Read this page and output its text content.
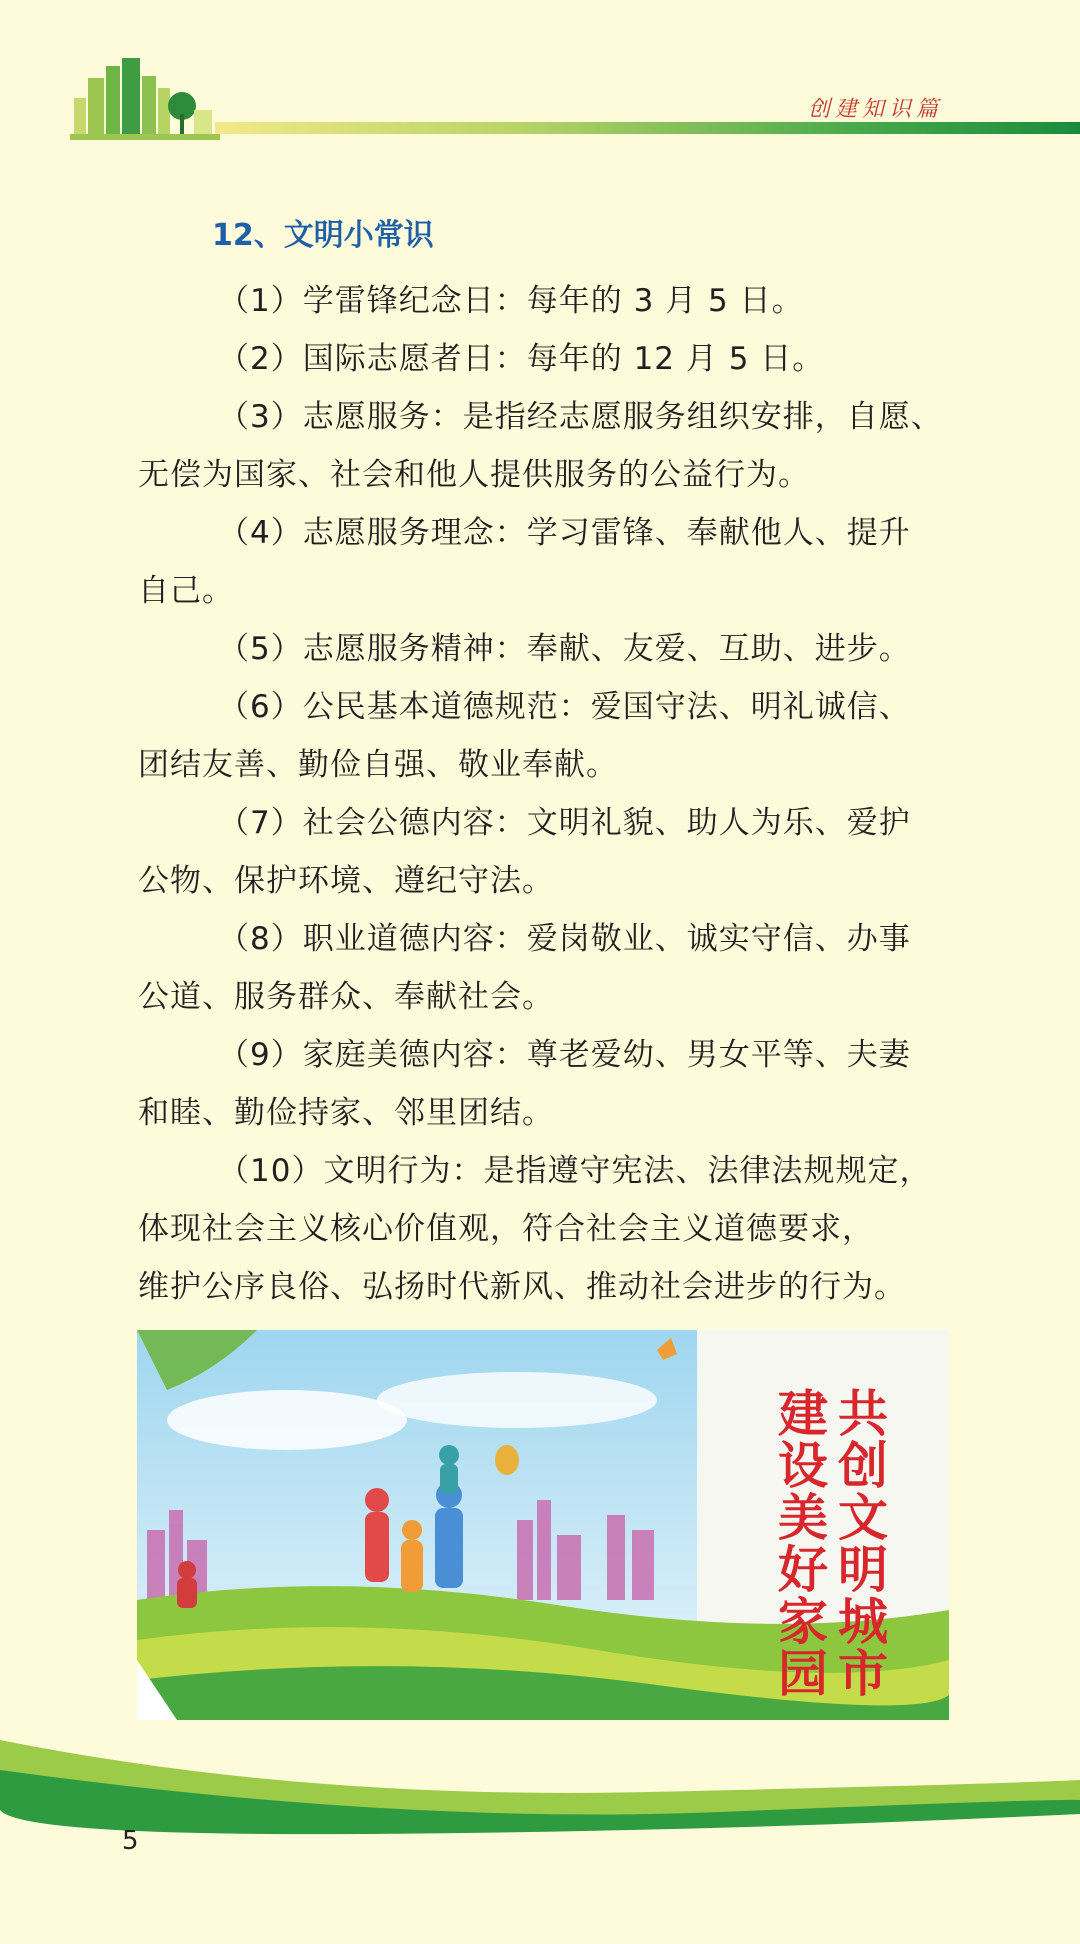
创建知识篇
12、文明小常识

（1）学雷锋纪念日：每年的 3 月 5 日。

（2）国际志愿者日：每年的 12 月 5 日。

（3）志愿服务：是指经志愿服务组织安排，自愿、

无偿为国家、社会和他人提供服务的公益行为。

（4）志愿服务理念：学习雷锋、奉献他人、提升

自己。

（5）志愿服务精神：奉献、友爱、互助、进步。

（6）公民基本道德规范：爱国守法、明礼诚信、

团结友善、勤俭自强、敬业奉献。

（7）社会公德内容：文明礼貌、助人为乐、爱护

公物、保护环境、遵纪守法。

（8）职业道德内容：爱岗敬业、诚实守信、办事

公道、服务群众、奉献社会。

（9）家庭美德内容：尊老爱幼、男女平等、夫妻

和睦、勤俭持家、邻里团结。

（10）文明行为：是指遵守宪法、法律法规规定，

体现社会主义核心价值观，符合社会主义道德要求，

维护公序良俗、弘扬时代新风、推动社会进步的行为。

共创文明城市
建设美好家园
5
